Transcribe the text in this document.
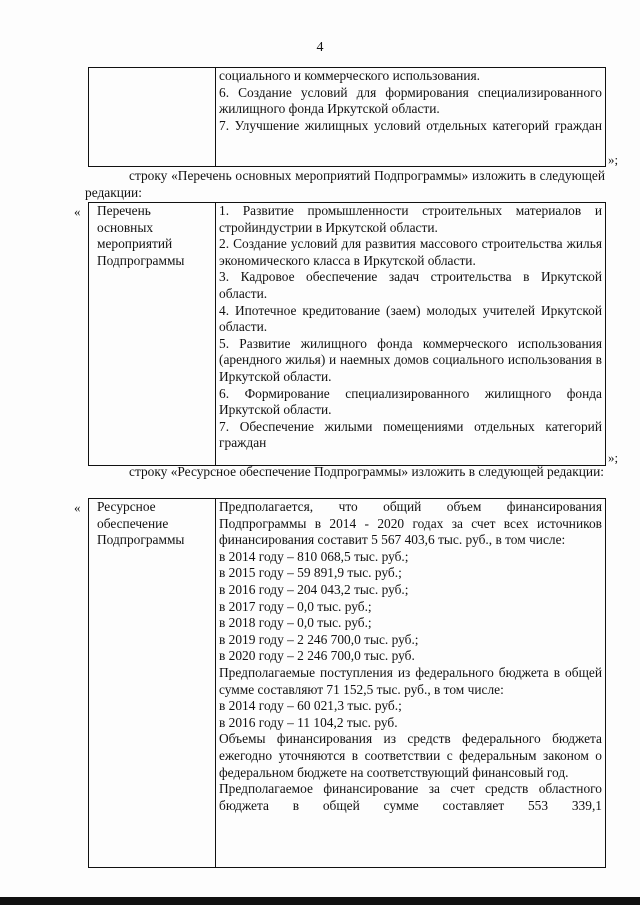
4

социального и коммерческого использования.

6. Создание условий для формирования специализированного жилищного фонда Иркутской области.

7. Улучшение жилищных условий отдельных категорий граждан

»;

строку «Перечень основных мероприятий Подпрограммы» изложить в следующей редакции:

« Перечень
основных
мероприятий
Подпрограммы

1. Развитие промышленности строительных материалов и стройиндустрии в Иркутской области.

2. Создание условий для развития массового строительства жилья экономического класса в Иркутской области.

3. Кадровое обеспечение задач строительства в Иркутской области.

4. Ипотечное кредитование (заем) молодых учителей Иркутской области.

5. Развитие жилищного фонда коммерческого использования (арендного жилья) и наемных домов социального использования в Иркутской области.

6. Формирование специализированного жилищного фонда Иркутской области.

7. Обеспечение жилыми помещениями отдельных категорий граждан

»;

строку «Ресурсное обеспечение Подпрограммы» изложить в следующей редакции:

« Ресурсное
обеспечение
Подпрограммы

Предполагается, что общий объем финансирования Подпрограммы в 2014 - 2020 годах за счет всех источников финансирования составит 5 567 403,6 тыс. руб., в том числе:

в 2014 году – 810 068,5 тыс. руб.;

в 2015 году – 59 891,9 тыс. руб.;

в 2016 году – 204 043,2 тыс. руб.;

в 2017 году – 0,0 тыс. руб.;

в 2018 году – 0,0 тыс. руб.;

в 2019 году – 2 246 700,0 тыс. руб.;

в 2020 году – 2 246 700,0 тыс. руб.

Предполагаемые поступления из федерального бюджета в общей сумме составляют 71 152,5 тыс. руб., в том числе:

в 2014 году – 60 021,3 тыс. руб.;

в 2016 году – 11 104,2 тыс. руб.

Объемы финансирования из средств федерального бюджета ежегодно уточняются в соответствии с федеральным законом о федеральном бюджете на соответствующий финансовый год.

Предполагаемое финансирование за счет средств областного бюджета в общей сумме составляет 553 339,1
